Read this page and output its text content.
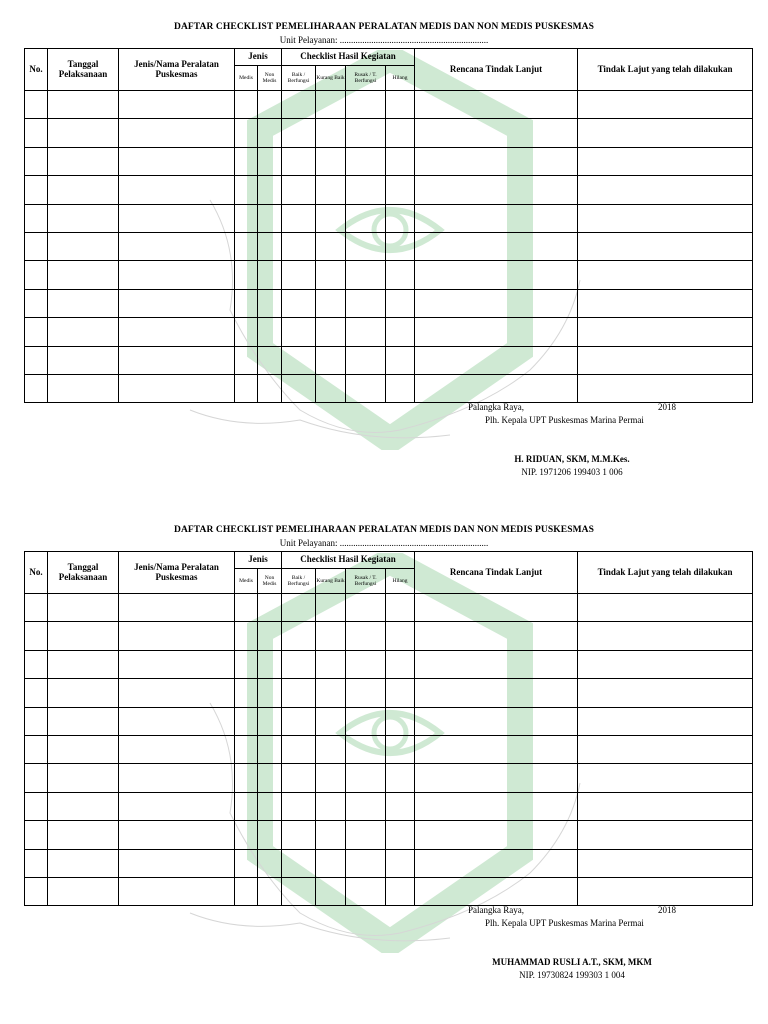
DAFTAR CHECKLIST PEMELIHARAAN PERALATAN MEDIS DAN NON MEDIS PUSKESMAS
Unit Pelayanan: ..................................................................
No.	Tanggal Pelaksanaan	Jenis/Nama Peralatan Puskesmas	Jenis		Checklist Hasil Kegiatan				Rencana Tindak Lanjut	Tindak Lajut yang telah dilakukan
			Medis	Non Medis	Baik / Berfungsi	Kurang Baik	Rusak / T. Berfungsi	Hilang		

Palangka Raya,	2018
Plh. Kepala UPT Puskesmas Marina Permai
H. RIDUAN, SKM, M.M.Kes.
NIP. 1971206 199403 1 006
DAFTAR CHECKLIST PEMELIHARAAN PERALATAN MEDIS DAN NON MEDIS PUSKESMAS
Unit Pelayanan: ..................................................................
No.	Tanggal Pelaksanaan	Jenis/Nama Peralatan Puskesmas	Jenis		Checklist Hasil Kegiatan				Rencana Tindak Lanjut	Tindak Lajut yang telah dilakukan
			Medis	Non Medis	Baik / Berfungsi	Kurang Baik	Rusak / T. Berfungsi	Hilang		

Palangka Raya,	2018
Plh. Kepala UPT Puskesmas Marina Permai
MUHAMMAD RUSLI A.T., SKM, MKM
NIP. 19730824 199303 1 004
